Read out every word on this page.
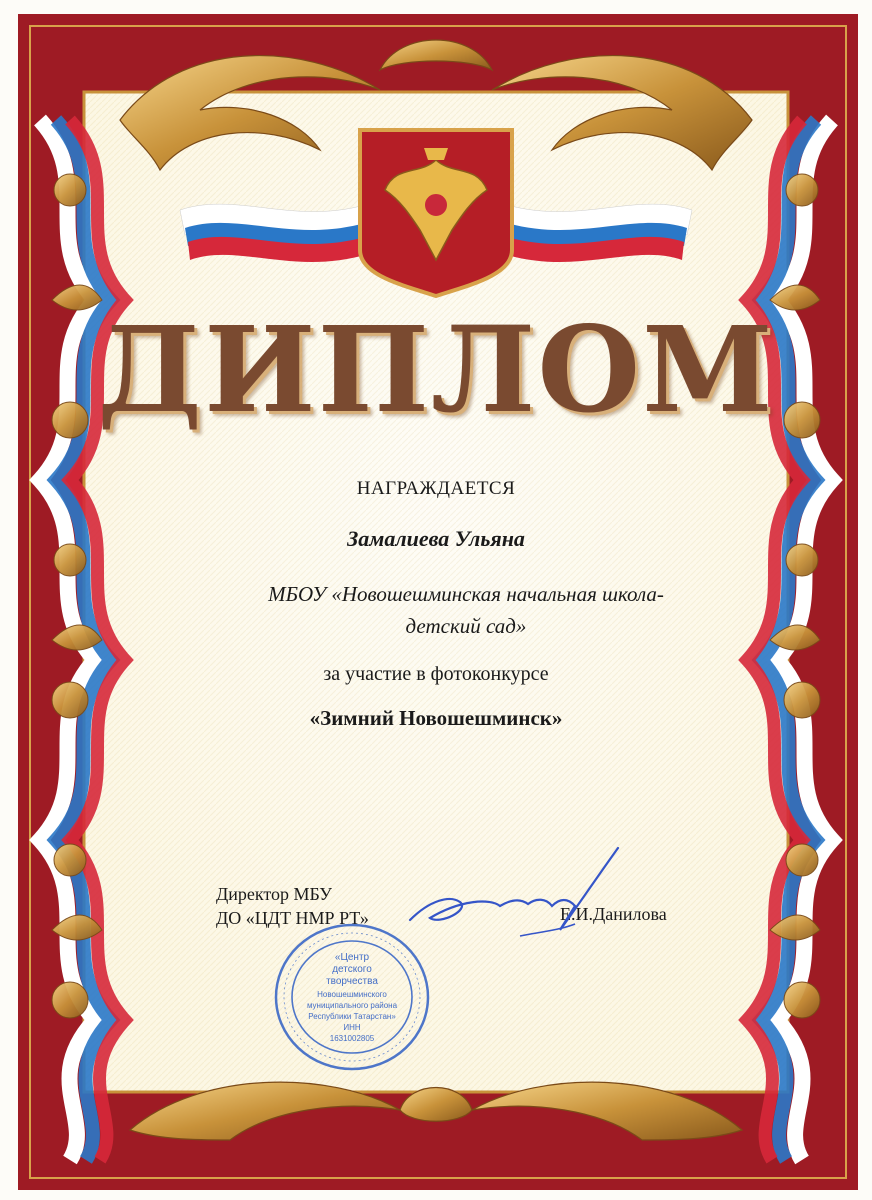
ДИПЛОМ
НАГРАЖДАЕТСЯ
Замалиева Ульяна
МБОУ «Новошешминская начальная школа-
детский сад»
за участие в фотоконкурсе
«Зимний Новошешминск»
Директор МБУ
ДО «ЦДТ НМР РТ»	Е.И.Данилова
«Центр
детского
творчества
Новошешминского
муниципального района
Республики Татарстан»
ИНН
1631002805
